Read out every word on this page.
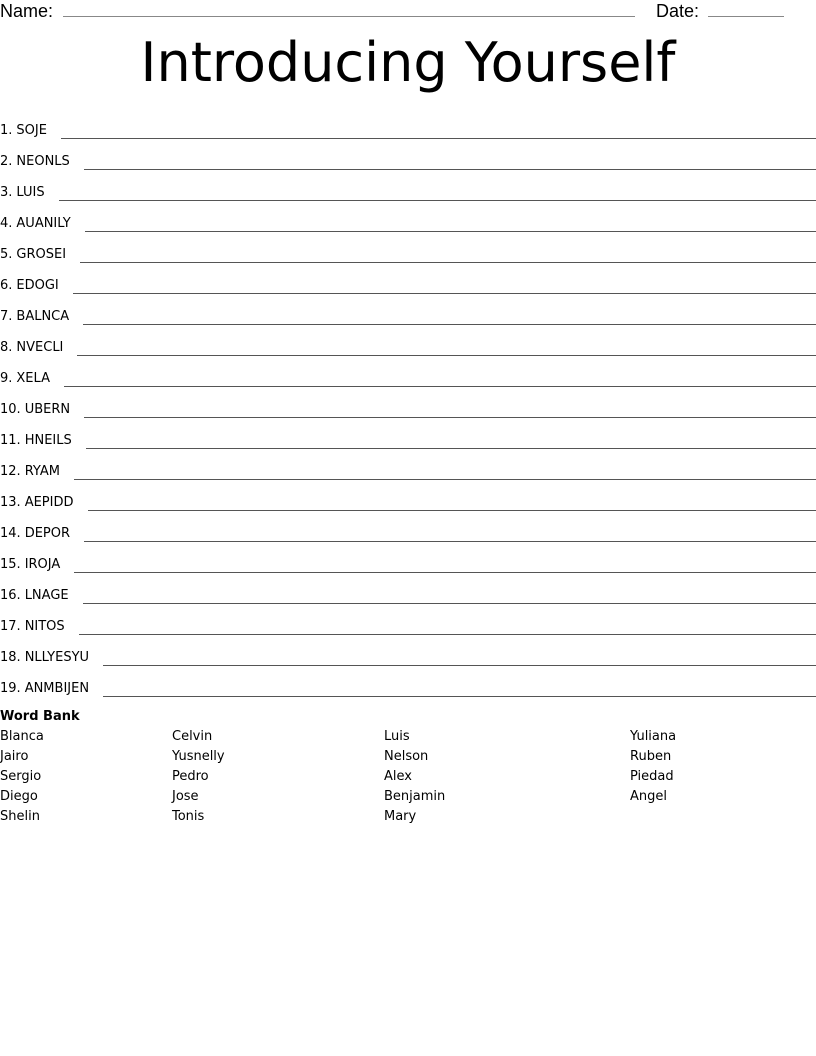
Name:	Date:
Introducing Yourself
1. SOJE
2. NEONLS
3. LUIS
4. AUANILY
5. GROSEI
6. EDOGI
7. BALNCA
8. NVECLI
9. XELA
10. UBERN
11. HNEILS
12. RYAM
13. AEPIDD
14. DEPOR
15. IROJA
16. LNAGE
17. NITOS
18. NLLYESYU
19. ANMBIJEN

Word Bank

Blanca
Jairo
Sergio
Diego
Shelin
Celvin
Yusnelly
Pedro
Jose
Tonis
Luis
Nelson
Alex
Benjamin
Mary
Yuliana
Ruben
Piedad
Angel
